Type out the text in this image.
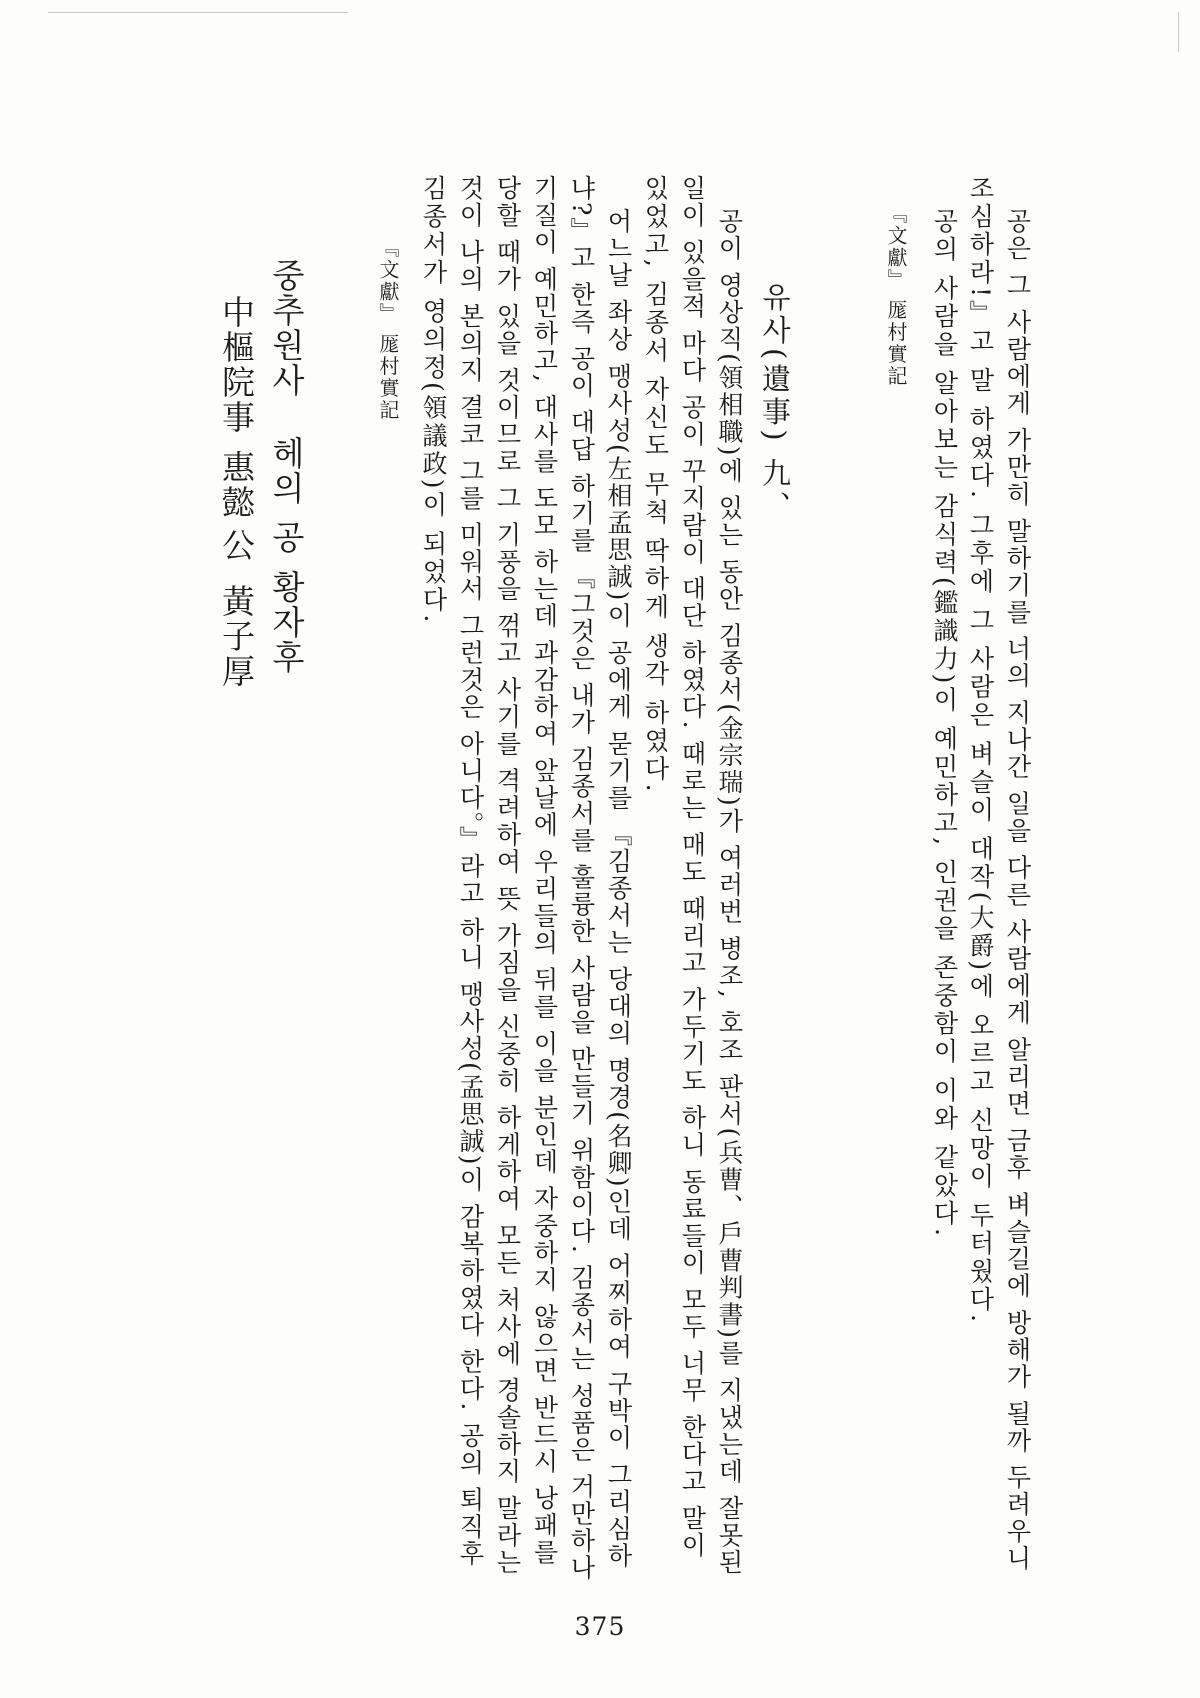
공은 그 사람에게 가만히 말하기를 너의 지나간 일을 다른 사람에게 알리면 금후 벼슬길에 방해가 될까 두려우니
조심하라!』고 말 하였다. 그후에 그 사람은 벼슬이 대작(大爵)에 오르고 신망이 두터웠다.
공의 사람을 알아보는 감식력(鑑識力)이 예민하고, 인권을 존중함이 이와 같았다.
『文獻』 厖村實記
유사(遺事) 九、
공이 영상직(領相職)에 있는 동안 김종서(金宗瑞)가 여러번 병조, 호조 판서(兵曹、戶曹判書)를 지냈는데 잘못된
일이 있을적 마다 공이 꾸지람이 대단 하였다. 때로는 매도 때리고 가두기도 하니 동료들이 모두 너무 한다고 말이
있었고, 김종서 자신도 무척 딱하게 생각 하였다.
어느날 좌상 맹사성(左相孟思誠)이 공에게 묻기를 『김종서는 당대의 명경(名卿)인데 어찌하여 구박이 그리심하
냐?』고 한즉 공이 대답 하기를 『그것은 내가 김종서를 훌륭한 사람을 만들기 위함이다. 김종서는 성품은 거만하나
기질이 예민하고, 대사를 도모 하는데 과감하여 앞날에 우리들의 뒤를 이을 분인데 자중하지 않으면 반드시 낭패를
당할 때가 있을 것이므로 그 기풍을 꺾고 사기를 격려하여 뜻 가짐을 신중히 하게하여 모든 처사에 경솔하지 말라는
것이 나의 본의지 결코 그를 미워서 그런것은 아니다。』라고 하니 맹사성(孟思誠)이 감복하였다 한다. 공의 퇴직후
김종서가 영의정(領議政)이 되었다.
『文獻』 厖村實記
중추원사
中樞院事
헤의
惠懿
공
公
황자후
黃子厚
375
